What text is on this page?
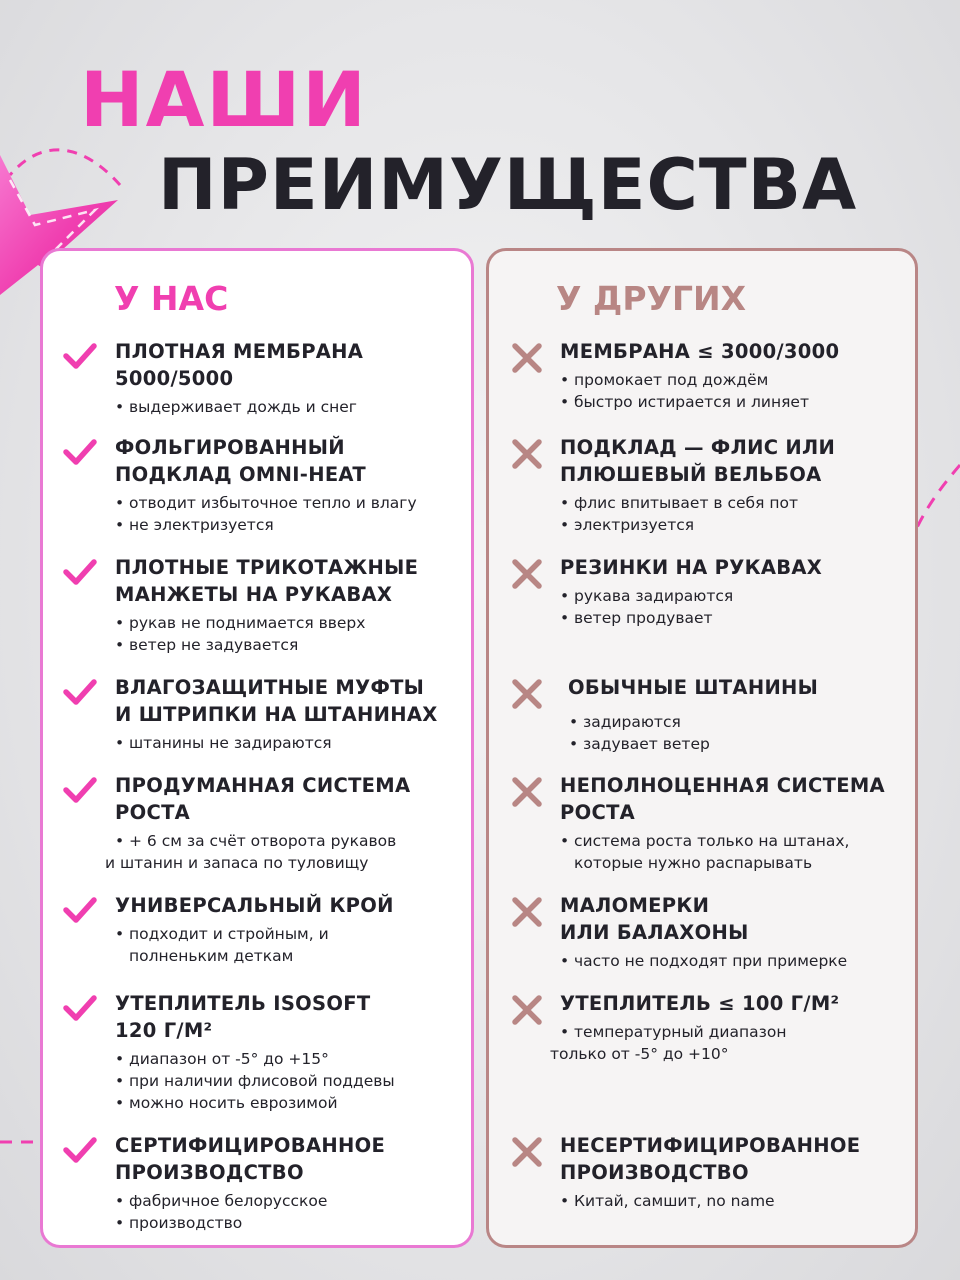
НАШИ
ПРЕИМУЩЕСТВА
У НАС	У ДРУГИХ

ПЛОТНАЯ МЕМБРАНА
5000/5000

• выдерживает дождь и снег

ФОЛЬГИРОВАННЫЙ
ПОДКЛАД OMNI-HEAT

• отводит избыточное тепло и влагу
• не электризуется

ПЛОТНЫЕ ТРИКОТАЖНЫЕ
МАНЖЕТЫ НА РУКАВАХ

• рукав не поднимается вверх
• ветер не задувается

ВЛАГОЗАЩИТНЫЕ МУФТЫ
И ШТРИПКИ НА ШТАНИНАХ

• штанины не задираются

ПРОДУМАННАЯ СИСТЕМА
РОСТА

• + 6 см за счёт отворота рукавов
и штанин и запаса по туловищу

УНИВЕРСАЛЬНЫЙ КРОЙ

• подходит и стройным, и
полненьким деткам

УТЕПЛИТЕЛЬ ISOSOFT
120 Г/М²

• диапазон от -5° до +15°
• при наличии флисовой поддевы
• можно носить еврозимой

СЕРТИФИЦИРОВАННОЕ
ПРОИЗВОДСТВО

• фабричное белорусское
• производство

МЕМБРАНА ≤ 3000/3000

• промокает под дождём
• быстро истирается и линяет

ПОДКЛАД — ФЛИС ИЛИ
ПЛЮШЕВЫЙ ВЕЛЬБОА

• флис впитывает в себя пот
• электризуется

РЕЗИНКИ НА РУКАВАХ

• рукава задираются
• ветер продувает

ОБЫЧНЫЕ ШТАНИНЫ

• задираются
• задувает ветер

НЕПОЛНОЦЕННАЯ СИСТЕМА
РОСТА

• система роста только на штанах,
которые нужно распарывать

МАЛОМЕРКИ
ИЛИ БАЛАХОНЫ

• часто не подходят при примерке

УТЕПЛИТЕЛЬ ≤ 100 Г/М²

• температурный диапазон
только от -5° до +10°

НЕСЕРТИФИЦИРОВАННОЕ
ПРОИЗВОДСТВО

• Китай, самшит, no name
